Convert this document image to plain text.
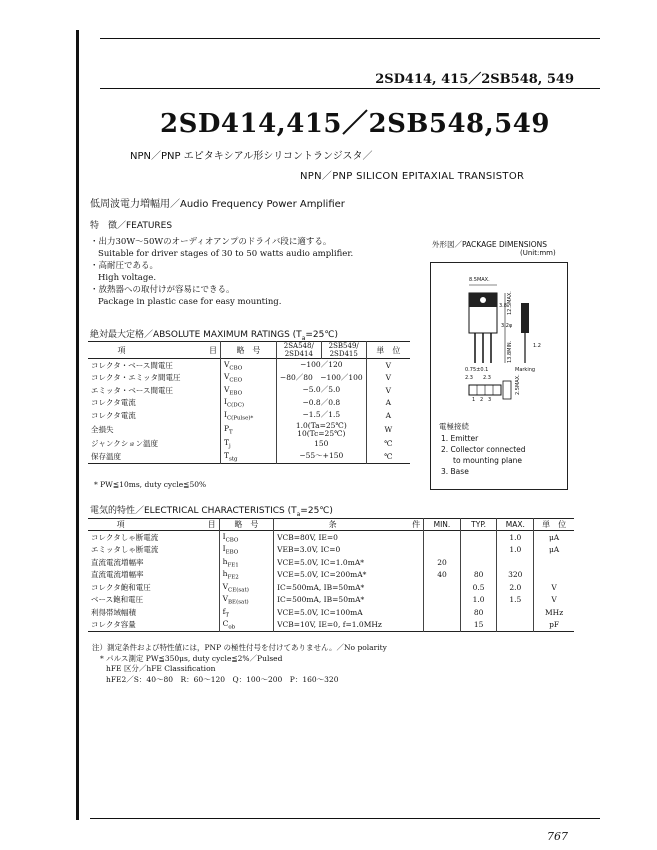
2SD414, 415／2SB548, 549
2SD414,415／2SB548,549
NPN／PNP エピタキシアル形シリコントランジスタ／
NPN／PNP SILICON EPITAXIAL TRANSISTOR
低周波電力増幅用／Audio Frequency Power Amplifier
特　徴／FEATURES
・出力30W〜50Wのオーディオアンプのドライバ段に適する。
Suitable for driver stages of 30 to 50 watts audio amplifier.
・高耐圧である。
High voltage.
・放熱器への取付けが容易にできる。
Package in plastic case for easy mounting.
外形図／PACKAGE DIMENSIONS
(Unit:mm)
8.5MAX.
3.8 12.5MAX.
3.2φ
13.8MIN.	1.2
0.75±0.1
2.3 2.3
Marking
2.5MAX.
1 2 3
電極接続
1. Emitter
2. Collector connected
to mounting plane
3. Base
絶対最大定格／ABSOLUTE MAXIMUM RATINGS $(T_a=25℃)$
項	目	略　号	2SA548/
2SD414	2SB549/
2SD415	単　位
コレクタ・ベース間電圧		$V_{CBO}$	−100／120		V
コレクタ・エミッタ間電圧		$V_{CEO}$	−80／80　−100／100		V
エミッタ・ベース間電圧		$V_{EBO}$	−5.0／5.0		V
コレクタ電流		$I_{C(DC)}$	−0.8／0.8		A
コレクタ電流		$I_{C(Pulse)*}$	−1.5／1.5		A
全損失		$P_T$	1.0(Ta=25℃)
10(Tc=25℃)		W
ジャンクション温度		$T_j$	150		℃
保存温度		$T_{stg}$	−55〜+150		℃
* PW≦10ms, duty cycle≦50%
電気的特性／ELECTRICAL CHARACTERISTICS $(T_a=25℃)$
項	目	略　号	条	件	MIN.	TYP.	MAX.	単　位
コレクタしゃ断電流		$I_{CBO}$	VCB=80V, IE=0				1.0	μA
エミッタしゃ断電流		$I_{EBO}$	VEB=3.0V, IC=0				1.0	μA
直流電流増幅率		$h_{FE1}$	VCE=5.0V, IC=1.0mA*		20			
直流電流増幅率		$h_{FE2}$	VCE=5.0V, IC=200mA*		40	80	320	
コレクタ飽和電圧		$V_{CE(sat)}$	IC=500mA, IB=50mA*			0.5	2.0	V
ベース飽和電圧		$V_{BE(sat)}$	IC=500mA, IB=50mA*			1.0	1.5	V
利得帯域幅積		$f_T$	VCE=5.0V, IC=100mA			80		MHz
コレクタ容量		$C_{ob}$	VCB=10V, IE=0, f=1.0MHz			15		pF
注）測定条件および特性値には，PNP の極性付号を付けてありません。／No polarity
* パルス測定 PW≦350μs, duty cycle≦2%／Pulsed
hFE 区分／hFE Classification
hFE2／S：40〜80　R：60〜120　Q：100〜200　P：160〜320
767
